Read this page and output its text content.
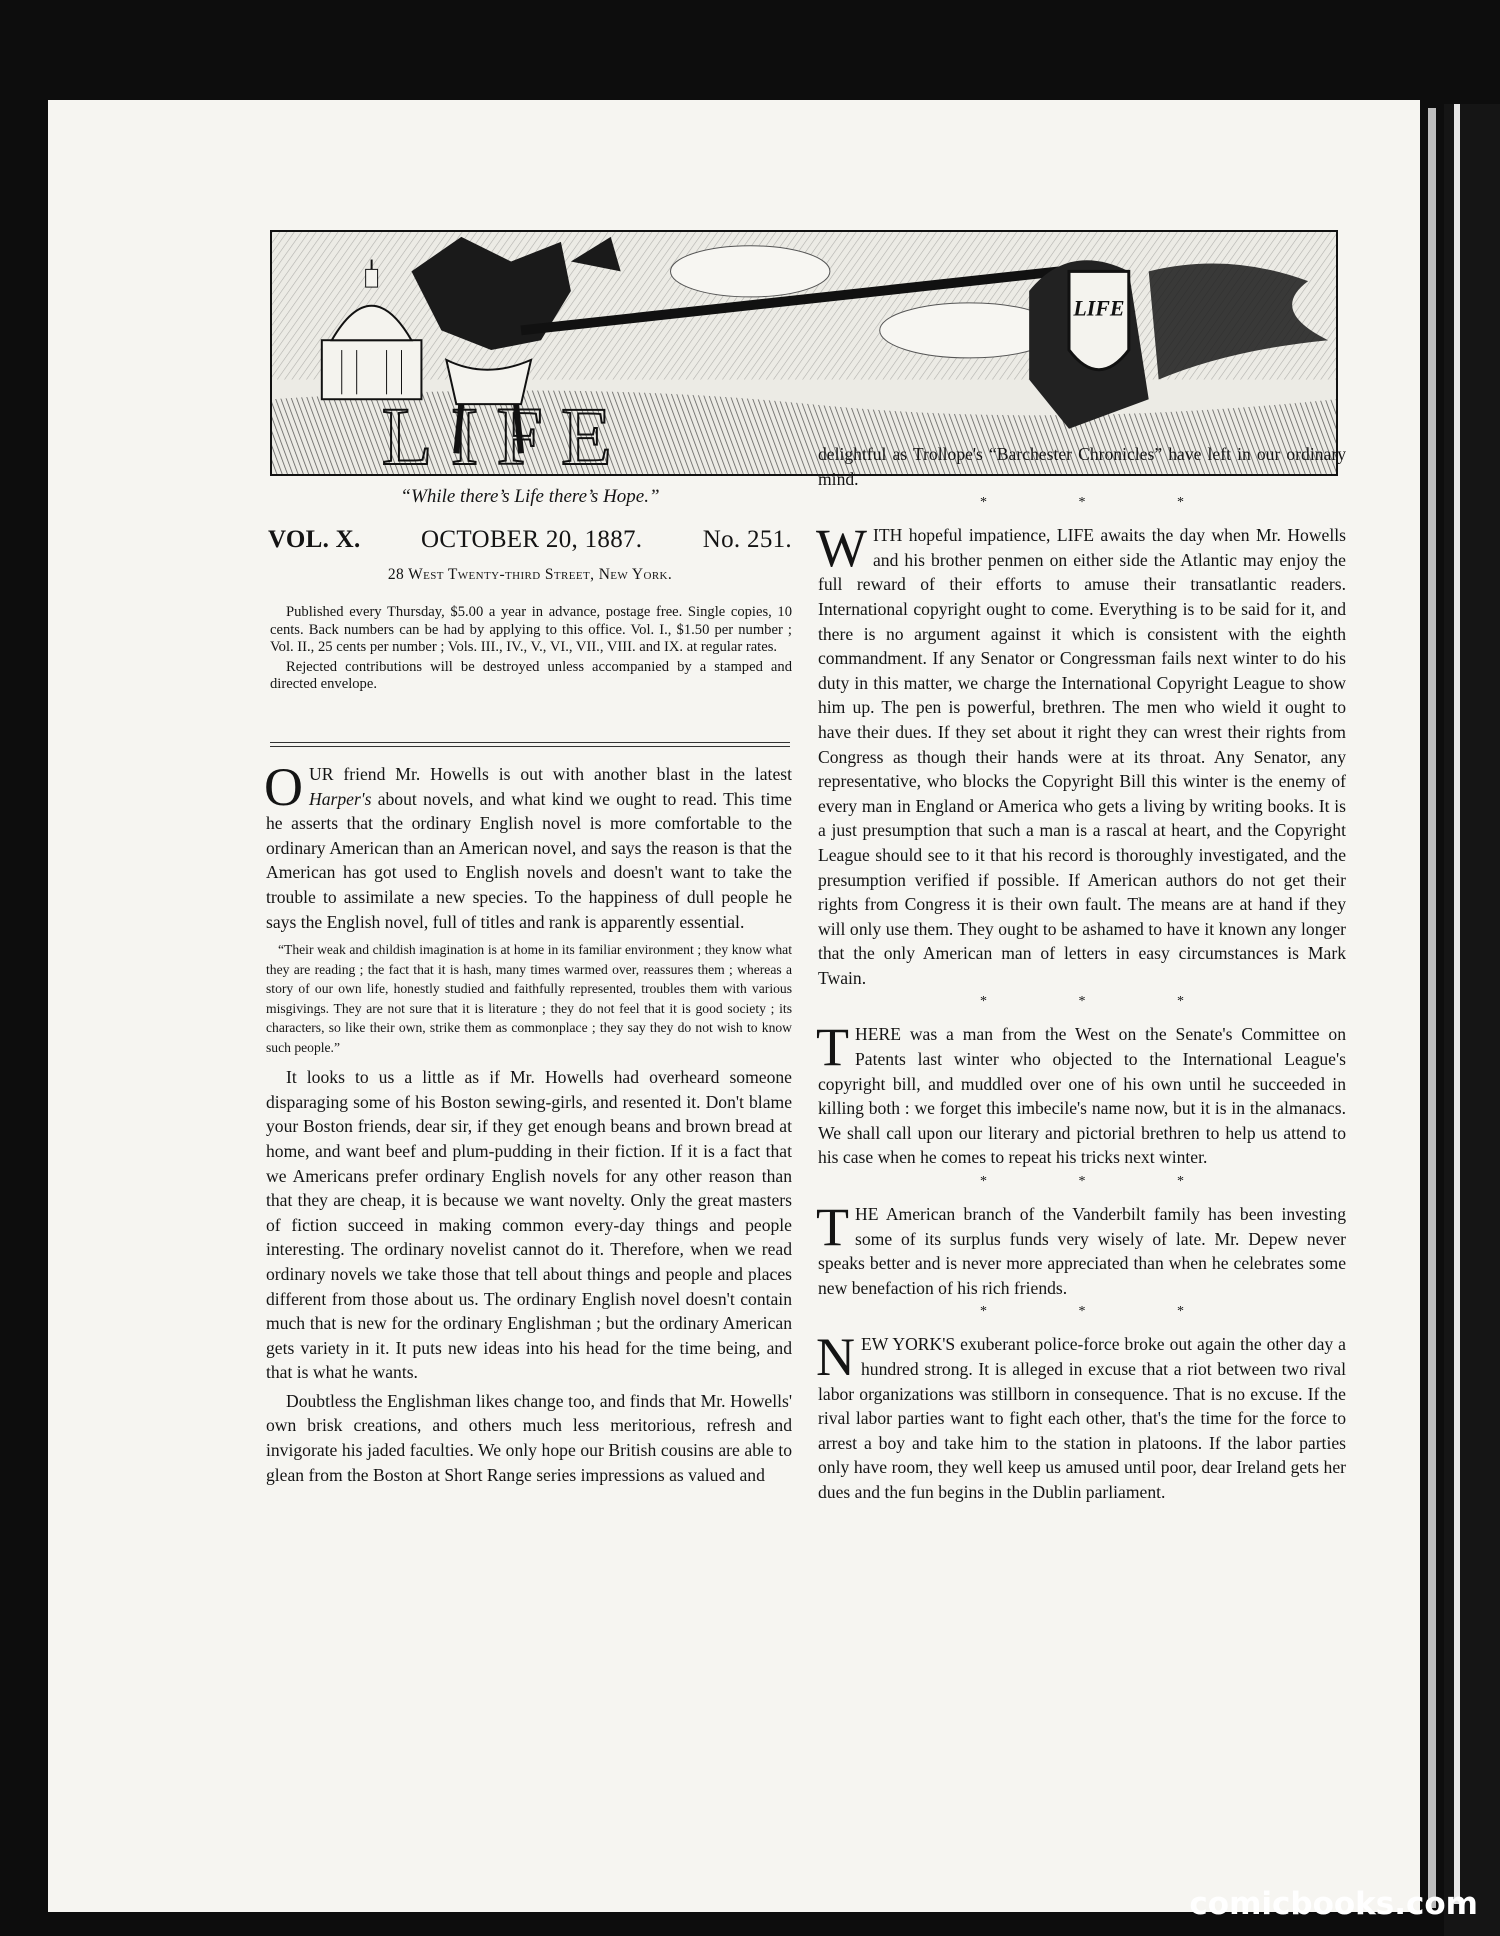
LIFE
LIFE
“While there’s Life there’s Hope.”
VOL. X. OCTOBER 20, 1887. No. 251.
28 West Twenty-third Street, New York.

Published every Thursday, $5.00 a year in advance, postage free. Single copies, 10 cents. Back numbers can be had by applying to this office. Vol. I., $1.50 per number ; Vol. II., 25 cents per number ; Vols. III., IV., V., VI., VII., VIII. and IX. at regular rates.

Rejected contributions will be destroyed unless accompanied by a stamped and directed envelope.

OUR friend Mr. Howells is out with another blast in the latest Harper's about novels, and what kind we ought to read. This time he asserts that the ordinary English novel is more comfortable to the ordinary American than an American novel, and says the reason is that the American has got used to English novels and doesn't want to take the trouble to assimilate a new species. To the happiness of dull people he says the English novel, full of titles and rank is apparently essential.

“Their weak and childish imagination is at home in its familiar environment ; they know what they are reading ; the fact that it is hash, many times warmed over, reassures them ; whereas a story of our own life, honestly studied and faithfully represented, troubles them with various misgivings. They are not sure that it is literature ; they do not feel that it is good society ; its characters, so like their own, strike them as commonplace ; they say they do not wish to know such people.”

It looks to us a little as if Mr. Howells had overheard someone disparaging some of his Boston sewing-girls, and resented it. Don't blame your Boston friends, dear sir, if they get enough beans and brown bread at home, and want beef and plum-pudding in their fiction. If it is a fact that we Americans prefer ordinary English novels for any other reason than that they are cheap, it is because we want novelty. Only the great masters of fiction succeed in making common every-day things and people interesting. The ordinary novelist cannot do it. Therefore, when we read ordinary novels we take those that tell about things and people and places different from those about us. The ordinary English novel doesn't contain much that is new for the ordinary Englishman ; but the ordinary American gets variety in it. It puts new ideas into his head for the time being, and that is what he wants.

Doubtless the Englishman likes change too, and finds that Mr. Howells' own brisk creations, and others much less meritorious, refresh and invigorate his jaded faculties. We only hope our British cousins are able to glean from the Boston at Short Range series impressions as valued and

delightful as Trollope's “Barchester Chronicles” have left in our ordinary mind.

* * *

WITH hopeful impatience, LIFE awaits the day when Mr. Howells and his brother penmen on either side the Atlantic may enjoy the full reward of their efforts to amuse their transatlantic readers. International copyright ought to come. Everything is to be said for it, and there is no argument against it which is consistent with the eighth commandment. If any Senator or Congressman fails next winter to do his duty in this matter, we charge the International Copyright League to show him up. The pen is powerful, brethren. The men who wield it ought to have their dues. If they set about it right they can wrest their rights from Congress as though their hands were at its throat. Any Senator, any representative, who blocks the Copyright Bill this winter is the enemy of every man in England or America who gets a living by writing books. It is a just presumption that such a man is a rascal at heart, and the Copyright League should see to it that his record is thoroughly investigated, and the presumption verified if possible. If American authors do not get their rights from Congress it is their own fault. The means are at hand if they will only use them. They ought to be ashamed to have it known any longer that the only American man of letters in easy circumstances is Mark Twain.

* * *

THERE was a man from the West on the Senate's Committee on Patents last winter who objected to the International League's copyright bill, and muddled over one of his own until he succeeded in killing both : we forget this imbecile's name now, but it is in the almanacs. We shall call upon our literary and pictorial brethren to help us attend to his case when he comes to repeat his tricks next winter.

* * *

THE American branch of the Vanderbilt family has been investing some of its surplus funds very wisely of late. Mr. Depew never speaks better and is never more appreciated than when he celebrates some new benefaction of his rich friends.

* * *

NEW YORK'S exuberant police-force broke out again the other day a hundred strong. It is alleged in excuse that a riot between two rival labor organizations was stillborn in consequence. That is no excuse. If the rival labor parties want to fight each other, that's the time for the force to arrest a boy and take him to the station in platoons. If the labor parties only have room, they well keep us amused until poor, dear Ireland gets her dues and the fun begins in the Dublin parliament.

comicbooks.com
